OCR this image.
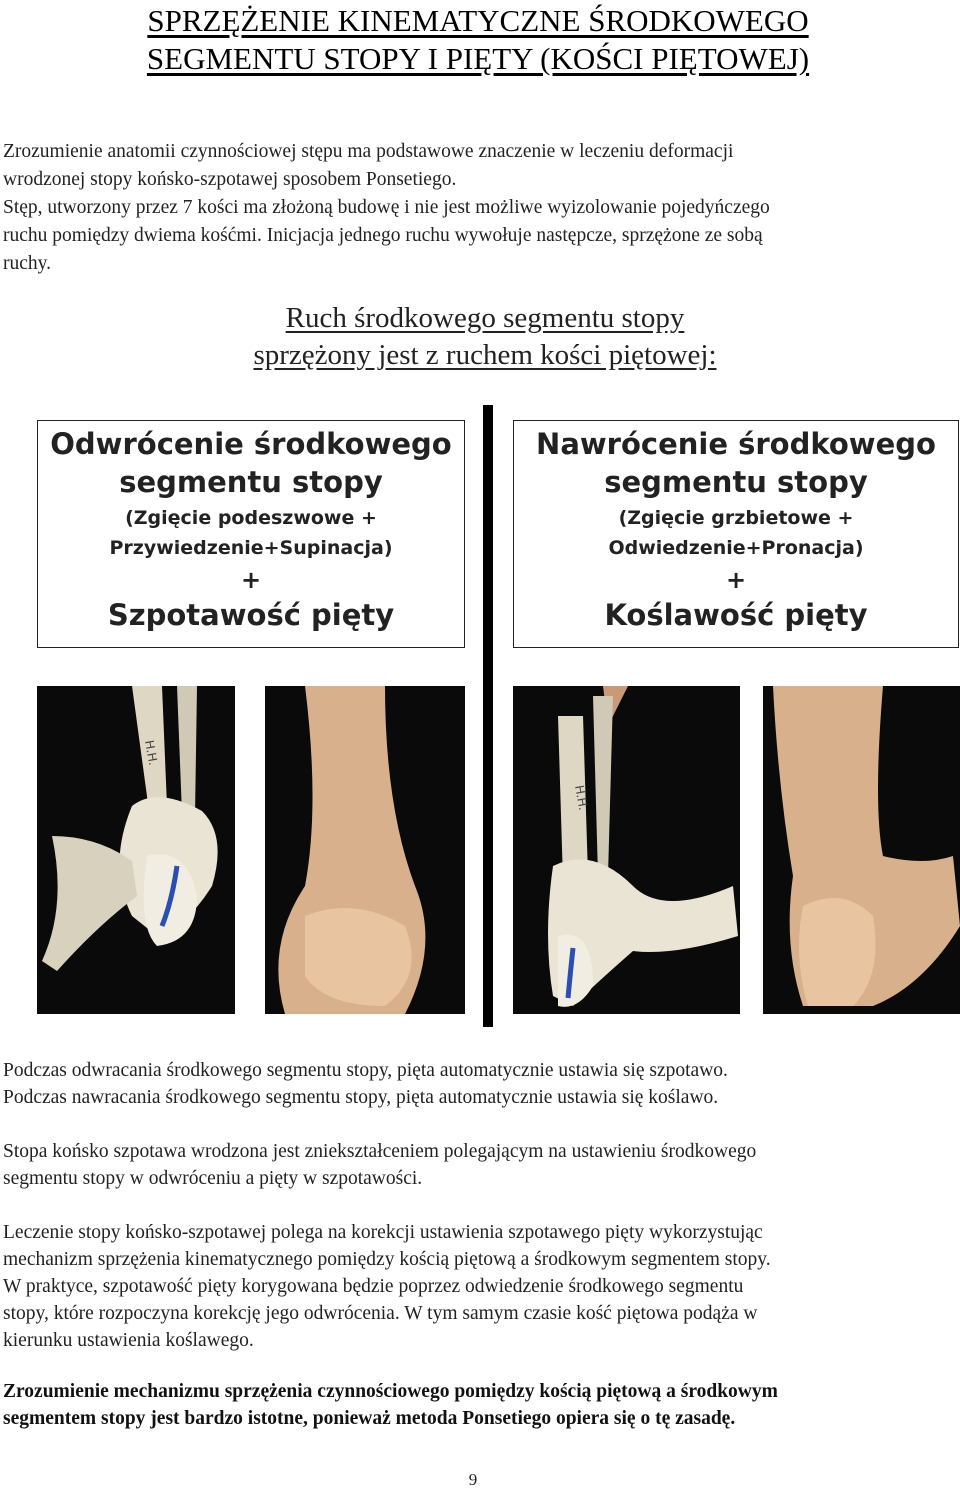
SPRZĘŻENIE KINEMATYCZNE ŚRODKOWEGO
SEGMENTU STOPY I PIĘTY (KOŚCI PIĘTOWEJ)
Zrozumienie anatomii czynnościowej stępu ma podstawowe znaczenie w leczeniu deformacji
wrodzonej stopy końsko-szpotawej sposobem Ponsetiego.
Stęp, utworzony przez 7 kości ma złożoną budowę i nie jest możliwe wyizolowanie pojedyńczego
ruchu pomiędzy dwiema kośćmi. Inicjacja jednego ruchu wywołuje następcze, sprzężone ze sobą
ruchy.
Ruch środkowego segmentu stopy
sprzężony jest z ruchem kości piętowej:
Odwrócenie środkowego
segmentu stopy
(Zgięcie podeszwowe +
Przywiedzenie+Supinacja)
+
Szpotawość pięty
Nawrócenie środkowego
segmentu stopy
(Zgięcie grzbietowe +
Odwiedzenie+Pronacja)
+
Koślawość pięty
H.H.
H.H.
Podczas odwracania środkowego segmentu stopy, pięta automatycznie ustawia się szpotawo.
Podczas nawracania środkowego segmentu stopy, pięta automatycznie ustawia się koślawo.
Stopa końsko szpotawa wrodzona jest zniekształceniem polegającym na ustawieniu środkowego
segmentu stopy w odwróceniu a pięty w szpotawości.
Leczenie stopy końsko-szpotawej polega na korekcji ustawienia szpotawego pięty wykorzystując
mechanizm sprzężenia kinematycznego pomiędzy kością piętową a środkowym segmentem stopy.
W praktyce, szpotawość pięty korygowana będzie poprzez odwiedzenie środkowego segmentu
stopy, które rozpoczyna korekcję jego odwrócenia. W tym samym czasie kość piętowa podąża w
kierunku ustawienia koślawego.
Zrozumienie mechanizmu sprzężenia czynnościowego pomiędzy kością piętową a środkowym
segmentem stopy jest bardzo istotne, ponieważ metoda Ponsetiego opiera się o tę zasadę.
9
